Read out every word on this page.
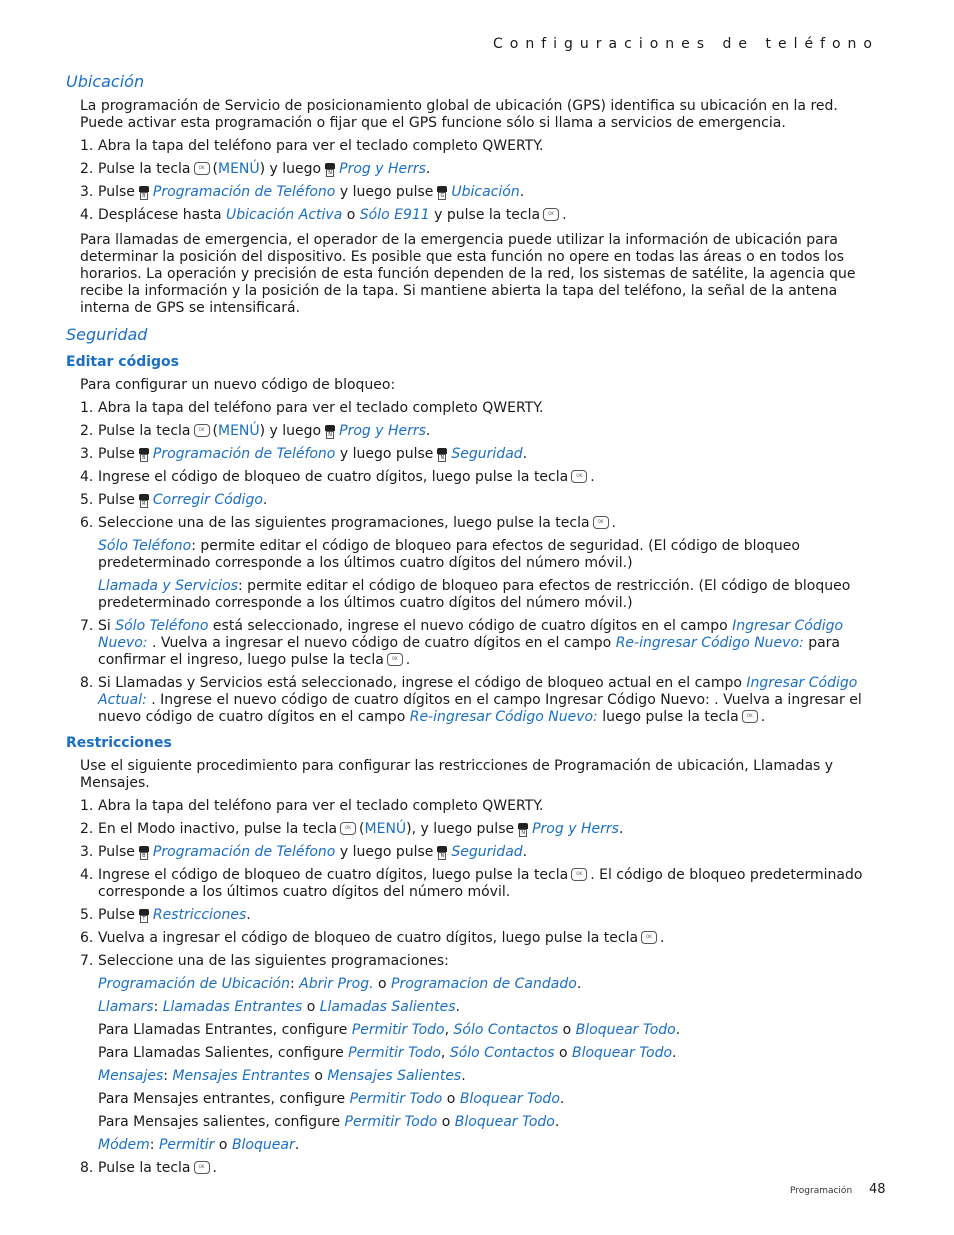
Configuraciones de teléfono
Ubicación

La programación de Servicio de posicionamiento global de ubicación (GPS) identifica su ubicación en la red. Puede activar esta programación o fijar que el GPS funcione sólo si llama a servicios de emergencia.

1. Abra la tapa del teléfono para ver el teclado completo QWERTY.
2. Pulse la tecla OK (MENÚ) y luego	N Prog y Herrs.
3. Pulse	B Programación de Teléfono y luego pulse	G Ubicación.
4. Desplácese hasta Ubicación Activa o Sólo E911 y pulse la tecla OK .

Para llamadas de emergencia, el operador de la emergencia puede utilizar la información de ubicación para determinar la posición del dispositivo. Es posible que esta función no opere en todas las áreas o en todos los horarios. La operación y precisión de esta función dependen de la red, los sistemas de satélite, la agencia que recibe la información y la posición de la tapa. Si mantiene abierta la tapa del teléfono, la señal de la antena interna de GPS se intensificará.

Seguridad
Editar códigos

Para configurar un nuevo código de bloqueo:

1. Abra la tapa del teléfono para ver el teclado completo QWERTY.
2. Pulse la tecla OK (MENÚ) y luego	N Prog y Herrs.
3. Pulse	B Programación de Teléfono y luego pulse	N Seguridad.
4. Ingrese el código de bloqueo de cuatro dígitos, luego pulse la tecla OK .
5. Pulse	R Corregir Código.
6. Seleccione una de las siguientes programaciones, luego pulse la tecla OK .
Sólo Teléfono: permite editar el código de bloqueo para efectos de seguridad. (El código de bloqueo predeterminado corresponde a los últimos cuatro dígitos del número móvil.)
Llamada y Servicios: permite editar el código de bloqueo para efectos de restricción. (El código de bloqueo predeterminado corresponde a los últimos cuatro dígitos del número móvil.)
7. Si Sólo Teléfono está seleccionado, ingrese el nuevo código de cuatro dígitos en el campo Ingresar Código Nuevo: . Vuelva a ingresar el nuevo código de cuatro dígitos en el campo Re-ingresar Código Nuevo: para confirmar el ingreso, luego pulse la tecla OK .
8. Si Llamadas y Servicios está seleccionado, ingrese el código de bloqueo actual en el campo Ingresar Código Actual: . Ingrese el nuevo código de cuatro dígitos en el campo Ingresar Código Nuevo: . Vuelva a ingresar el nuevo código de cuatro dígitos en el campo Re-ingresar Código Nuevo: luego pulse la tecla OK .
Restricciones

Use el siguiente procedimiento para configurar las restricciones de Programación de ubicación, Llamadas y Mensajes.

1. Abra la tapa del teléfono para ver el teclado completo QWERTY.
2. En el Modo inactivo, pulse la tecla OK (MENÚ), y luego pulse	N Prog y Herrs.
3. Pulse	B Programación de Teléfono y luego pulse	N Seguridad.
4. Ingrese el código de bloqueo de cuatro dígitos, luego pulse la tecla OK . El código de bloqueo predeterminado corresponde a los últimos cuatro dígitos del número móvil.
5. Pulse	T Restricciones.
6. Vuelva a ingresar el código de bloqueo de cuatro dígitos, luego pulse la tecla OK .
7. Seleccione una de las siguientes programaciones:
Programación de Ubicación: Abrir Prog. o Programacion de Candado.
Llamars: Llamadas Entrantes o Llamadas Salientes.
Para Llamadas Entrantes, configure Permitir Todo, Sólo Contactos o Bloquear Todo.
Para Llamadas Salientes, configure Permitir Todo, Sólo Contactos o Bloquear Todo.
Mensajes: Mensajes Entrantes o Mensajes Salientes.
Para Mensajes entrantes, configure Permitir Todo o Bloquear Todo.
Para Mensajes salientes, configure Permitir Todo o Bloquear Todo.
Módem: Permitir o Bloquear.
8. Pulse la tecla OK .
Programación 48
